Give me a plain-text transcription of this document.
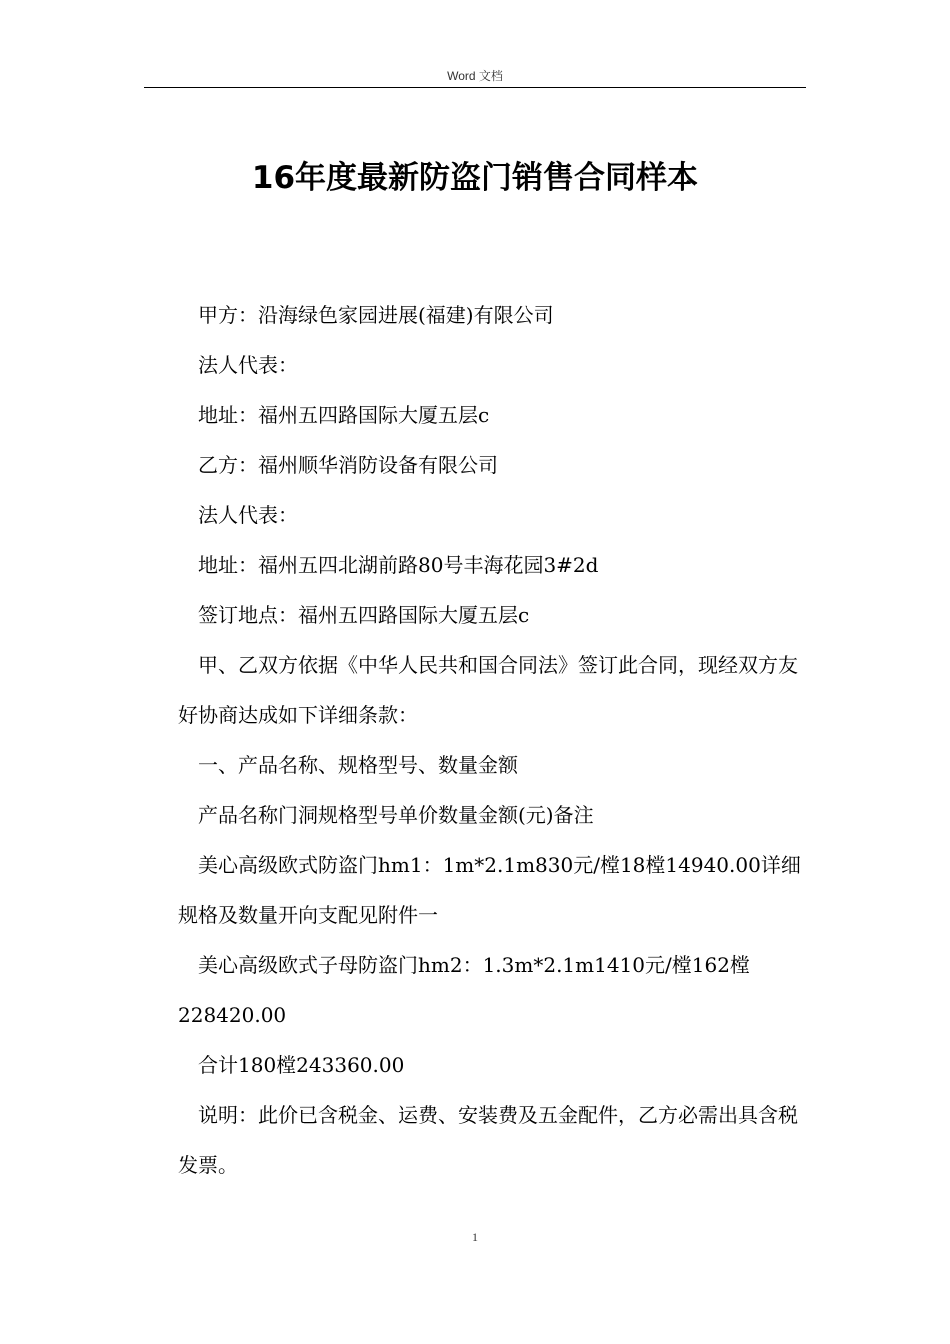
Word 文档
16年度最新防盗门销售合同样本

甲方：沿海绿色家园进展(福建)有限公司

法人代表：

地址：福州五四路国际大厦五层c

乙方：福州顺华消防设备有限公司

法人代表：

地址：福州五四北湖前路80号丰海花园3#2d

签订地点：福州五四路国际大厦五层c

甲、乙双方依据《中华人民共和国合同法》签订此合同，现经双方友好协商达成如下详细条款：

一、产品名称、规格型号、数量金额

产品名称门洞规格型号单价数量金额(元)备注

美心高级欧式防盗门hm1：1m*2.1m830元/樘18樘14940.00详细规格及数量开向支配见附件一

美心高级欧式子母防盗门hm2：1.3m*2.1m1410元/樘162樘228420.00

合计180樘243360.00

说明：此价已含税金、运费、安装费及五金配件，乙方必需出具含税发票。

1
